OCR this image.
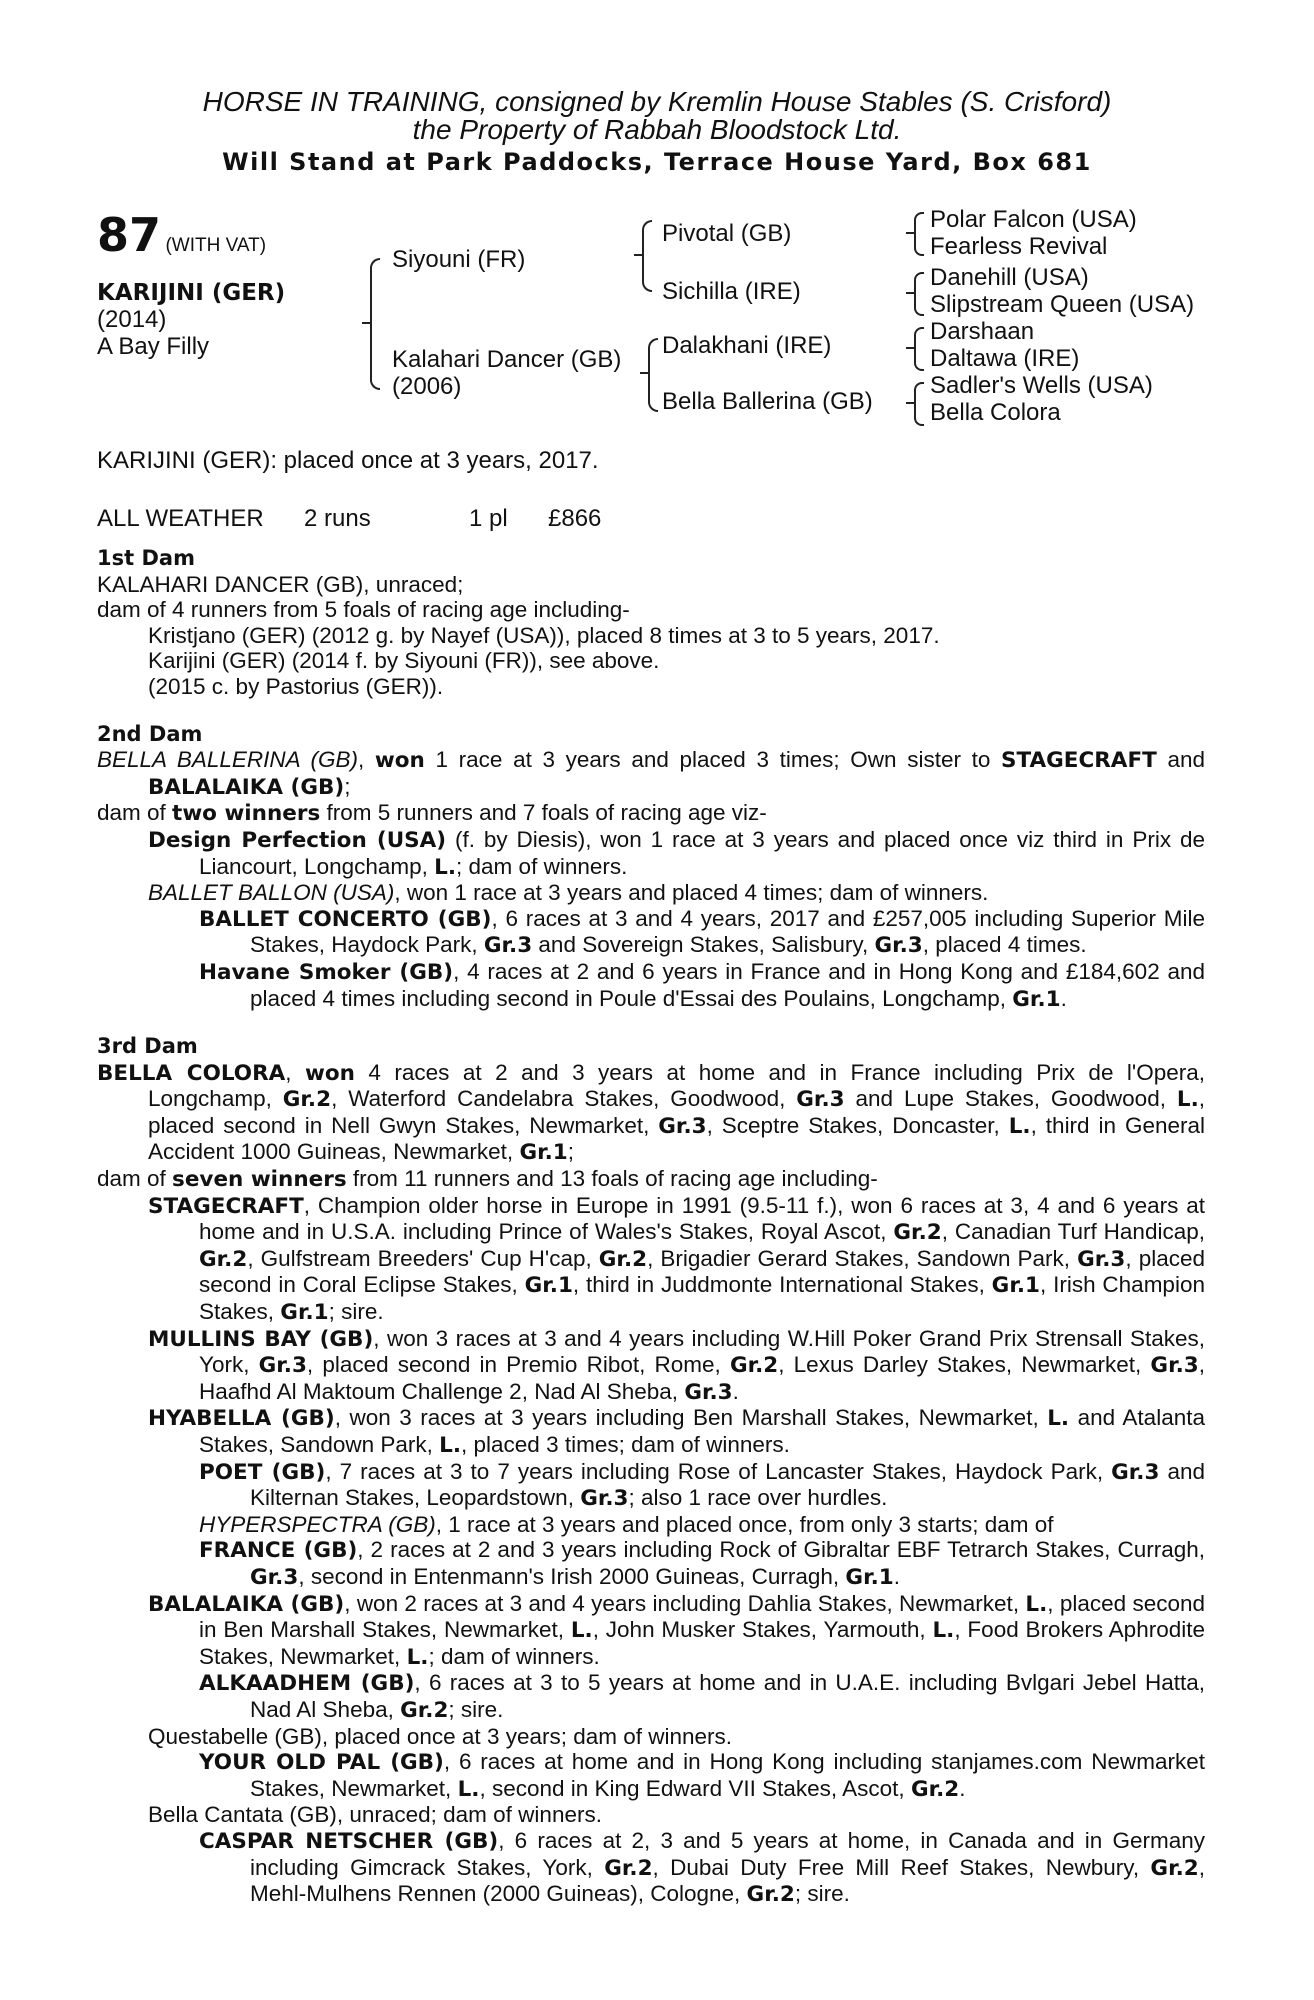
HORSE IN TRAINING, consigned by Kremlin House Stables (S. Crisford)
the Property of Rabbah Bloodstock Ltd.
Will Stand at Park Paddocks, Terrace House Yard, Box 681
87 (WITH VAT)
KARIJINI (GER)
(2014)
A Bay Filly
Siyouni (FR)
Kalahari Dancer (GB)
(2006)
Pivotal (GB)
Sichilla (IRE)
Dalakhani (IRE)
Bella Ballerina (GB)
Polar Falcon (USA)
Fearless Revival
Danehill (USA)
Slipstream Queen (USA)
Darshaan
Daltawa (IRE)
Sadler's Wells (USA)
Bella Colora
KARIJINI (GER): placed once at 3 years, 2017.
ALL WEATHER 2 runs	1 pl £866
1st Dam

KALAHARI DANCER (GB), unraced;

dam of 4 runners from 5 foals of racing age including-

Kristjano (GER) (2012 g. by Nayef (USA)), placed 8 times at 3 to 5 years, 2017.

Karijini (GER) (2014 f. by Siyouni (FR)), see above.

(2015 c. by Pastorius (GER)).

2nd Dam

BELLA BALLERINA (GB), won 1 race at 3 years and placed 3 times; Own sister to STAGECRAFT and BALALAIKA (GB);

dam of two winners from 5 runners and 7 foals of racing age viz-

Design Perfection (USA) (f. by Diesis), won 1 race at 3 years and placed once viz third in Prix de Liancourt, Longchamp, L.; dam of winners.

BALLET BALLON (USA), won 1 race at 3 years and placed 4 times; dam of winners.

BALLET CONCERTO (GB), 6 races at 3 and 4 years, 2017 and £257,005 including Superior Mile Stakes, Haydock Park, Gr.3 and Sovereign Stakes, Salisbury, Gr.3, placed 4 times.

Havane Smoker (GB), 4 races at 2 and 6 years in France and in Hong Kong and £184,602 and placed 4 times including second in Poule d'Essai des Poulains, Longchamp, Gr.1.

3rd Dam

BELLA COLORA, won 4 races at 2 and 3 years at home and in France including Prix de l'Opera, Longchamp, Gr.2, Waterford Candelabra Stakes, Goodwood, Gr.3 and Lupe Stakes, Goodwood, L., placed second in Nell Gwyn Stakes, Newmarket, Gr.3, Sceptre Stakes, Doncaster, L., third in General Accident 1000 Guineas, Newmarket, Gr.1;

dam of seven winners from 11 runners and 13 foals of racing age including-

STAGECRAFT, Champion older horse in Europe in 1991 (9.5-11 f.), won 6 races at 3, 4 and 6 years at home and in U.S.A. including Prince of Wales's Stakes, Royal Ascot, Gr.2, Canadian Turf Handicap, Gr.2, Gulfstream Breeders' Cup H'cap, Gr.2, Brigadier Gerard Stakes, Sandown Park, Gr.3, placed second in Coral Eclipse Stakes, Gr.1, third in Juddmonte International Stakes, Gr.1, Irish Champion Stakes, Gr.1; sire.

MULLINS BAY (GB), won 3 races at 3 and 4 years including W.Hill Poker Grand Prix Strensall Stakes, York, Gr.3, placed second in Premio Ribot, Rome, Gr.2, Lexus Darley Stakes, Newmarket, Gr.3, Haafhd Al Maktoum Challenge 2, Nad Al Sheba, Gr.3.

HYABELLA (GB), won 3 races at 3 years including Ben Marshall Stakes, Newmarket, L. and Atalanta Stakes, Sandown Park, L., placed 3 times; dam of winners.

POET (GB), 7 races at 3 to 7 years including Rose of Lancaster Stakes, Haydock Park, Gr.3 and Kilternan Stakes, Leopardstown, Gr.3; also 1 race over hurdles.

HYPERSPECTRA (GB), 1 race at 3 years and placed once, from only 3 starts; dam of

FRANCE (GB), 2 races at 2 and 3 years including Rock of Gibraltar EBF Tetrarch Stakes, Curragh, Gr.3, second in Entenmann's Irish 2000 Guineas, Curragh, Gr.1.

BALALAIKA (GB), won 2 races at 3 and 4 years including Dahlia Stakes, Newmarket, L., placed second in Ben Marshall Stakes, Newmarket, L., John Musker Stakes, Yarmouth, L., Food Brokers Aphrodite Stakes, Newmarket, L.; dam of winners.

ALKAADHEM (GB), 6 races at 3 to 5 years at home and in U.A.E. including Bvlgari Jebel Hatta, Nad Al Sheba, Gr.2; sire.

Questabelle (GB), placed once at 3 years; dam of winners.

YOUR OLD PAL (GB), 6 races at home and in Hong Kong including stanjames.com Newmarket Stakes, Newmarket, L., second in King Edward VII Stakes, Ascot, Gr.2.

Bella Cantata (GB), unraced; dam of winners.

CASPAR NETSCHER (GB), 6 races at 2, 3 and 5 years at home, in Canada and in Germany including Gimcrack Stakes, York, Gr.2, Dubai Duty Free Mill Reef Stakes, Newbury, Gr.2, Mehl-Mulhens Rennen (2000 Guineas), Cologne, Gr.2; sire.
